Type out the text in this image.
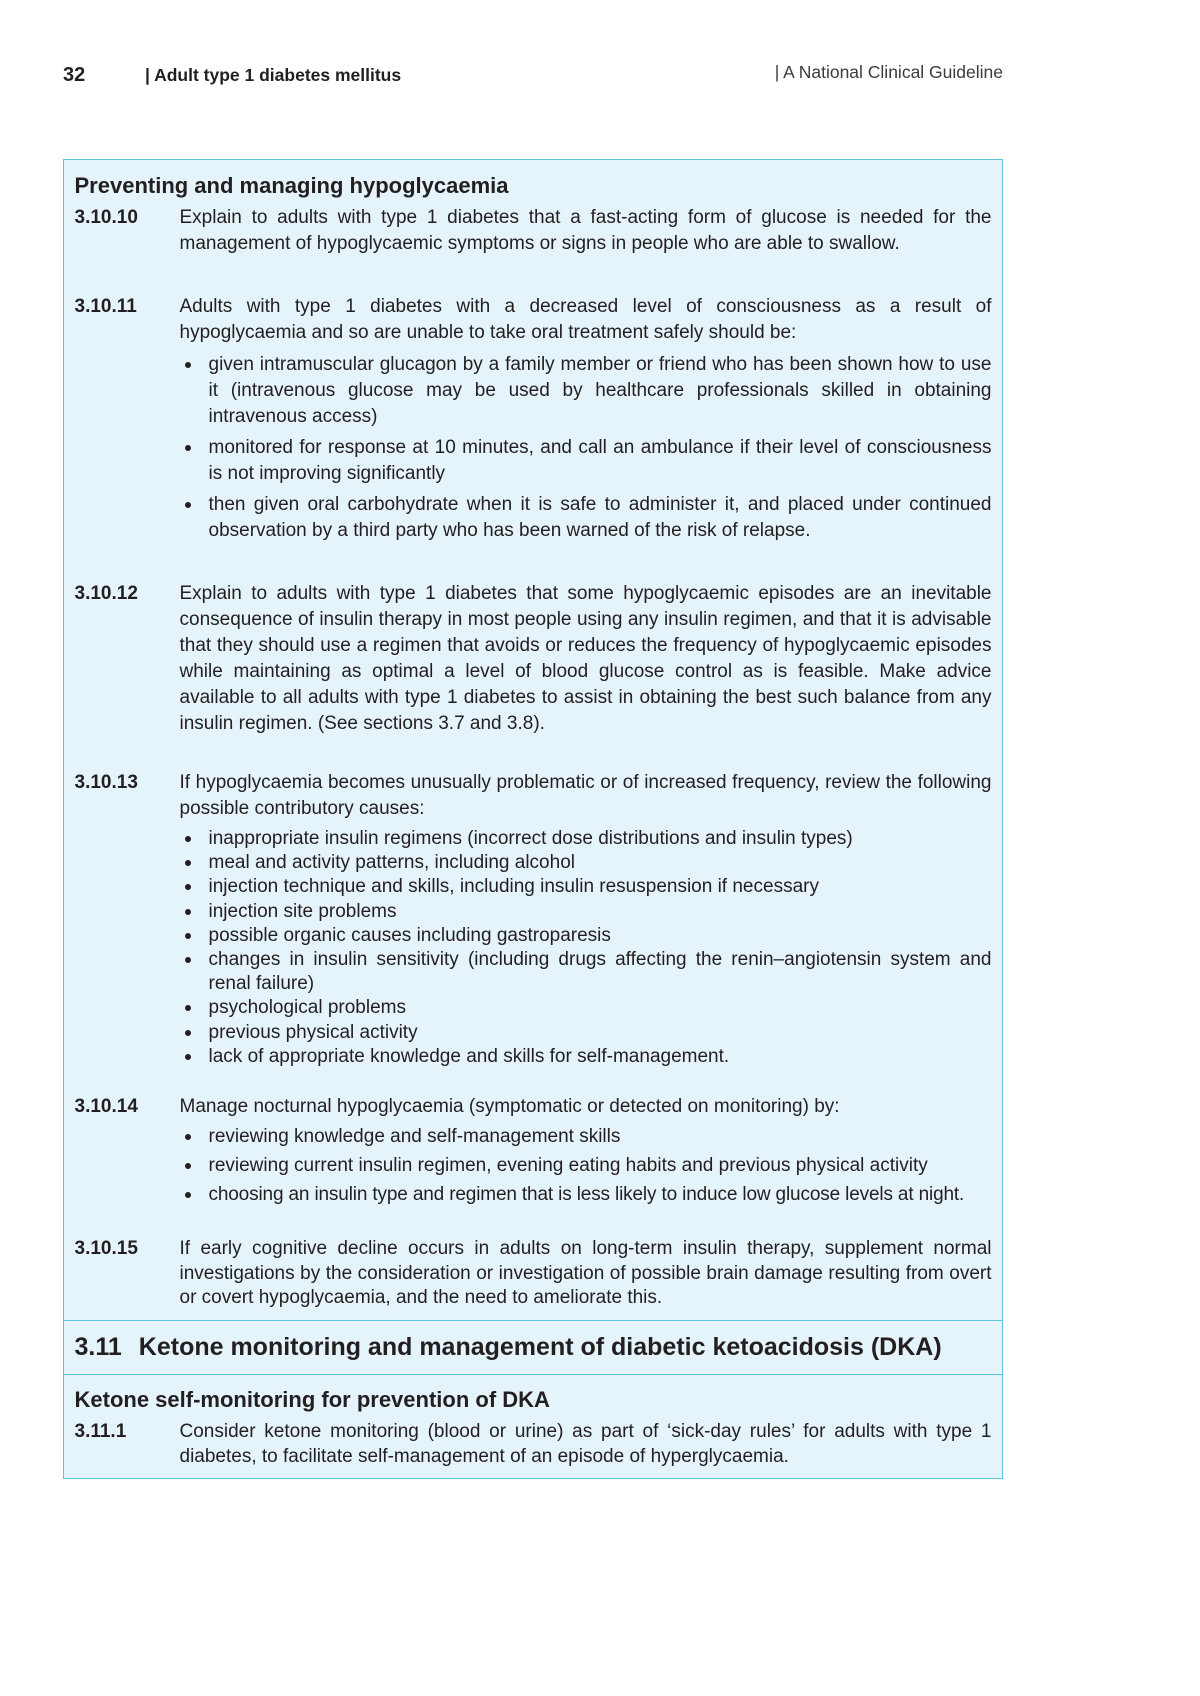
32	| Adult type 1 diabetes mellitus	| A National Clinical Guideline
Preventing and managing hypoglycaemia
3.10.10	Explain to adults with type 1 diabetes that a fast-acting form of glucose is needed for the management of hypoglycaemic symptoms or signs in people who are able to swallow.

3.10.11	Adults with type 1 diabetes with a decreased level of consciousness as a result of hypoglycaemia and so are unable to take oral treatment safely should be:

given intramuscular glucagon by a family member or friend who has been shown how to use it (intravenous glucose may be used by healthcare professionals skilled in obtaining intravenous access)
monitored for response at 10 minutes, and call an ambulance if their level of consciousness is not improving significantly
then given oral carbohydrate when it is safe to administer it, and placed under continued observation by a third party who has been warned of the risk of relapse.
3.10.12	Explain to adults with type 1 diabetes that some hypoglycaemic episodes are an inevitable consequence of insulin therapy in most people using any insulin regimen, and that it is advisable that they should use a regimen that avoids or reduces the frequency of hypoglycaemic episodes while maintaining as optimal a level of blood glucose control as is feasible. Make advice available to all adults with type 1 diabetes to assist in obtaining the best such balance from any insulin regimen. (See sections 3.7 and 3.8).

3.10.13	If hypoglycaemia becomes unusually problematic or of increased frequency, review the following possible contributory causes:

inappropriate insulin regimens (incorrect dose distributions and insulin types)
meal and activity patterns, including alcohol
injection technique and skills, including insulin resuspension if necessary
injection site problems
possible organic causes including gastroparesis
changes in insulin sensitivity (including drugs affecting the renin–angiotensin system and renal failure)
psychological problems
previous physical activity
lack of appropriate knowledge and skills for self-management.
3.10.14	Manage nocturnal hypoglycaemia (symptomatic or detected on monitoring) by:

reviewing knowledge and self-management skills
reviewing current insulin regimen, evening eating habits and previous physical activity
choosing an insulin type and regimen that is less likely to induce low glucose levels at night.
3.10.15	If early cognitive decline occurs in adults on long-term insulin therapy, supplement normal investigations by the consideration or investigation of possible brain damage resulting from overt or covert hypoglycaemia, and the need to ameliorate this.

3.11 Ketone monitoring and management of diabetic ketoacidosis (DKA)
Ketone self-monitoring for prevention of DKA
3.11.1	Consider ketone monitoring (blood or urine) as part of ‘sick-day rules’ for adults with type 1 diabetes, to facilitate self-management of an episode of hyperglycaemia.
